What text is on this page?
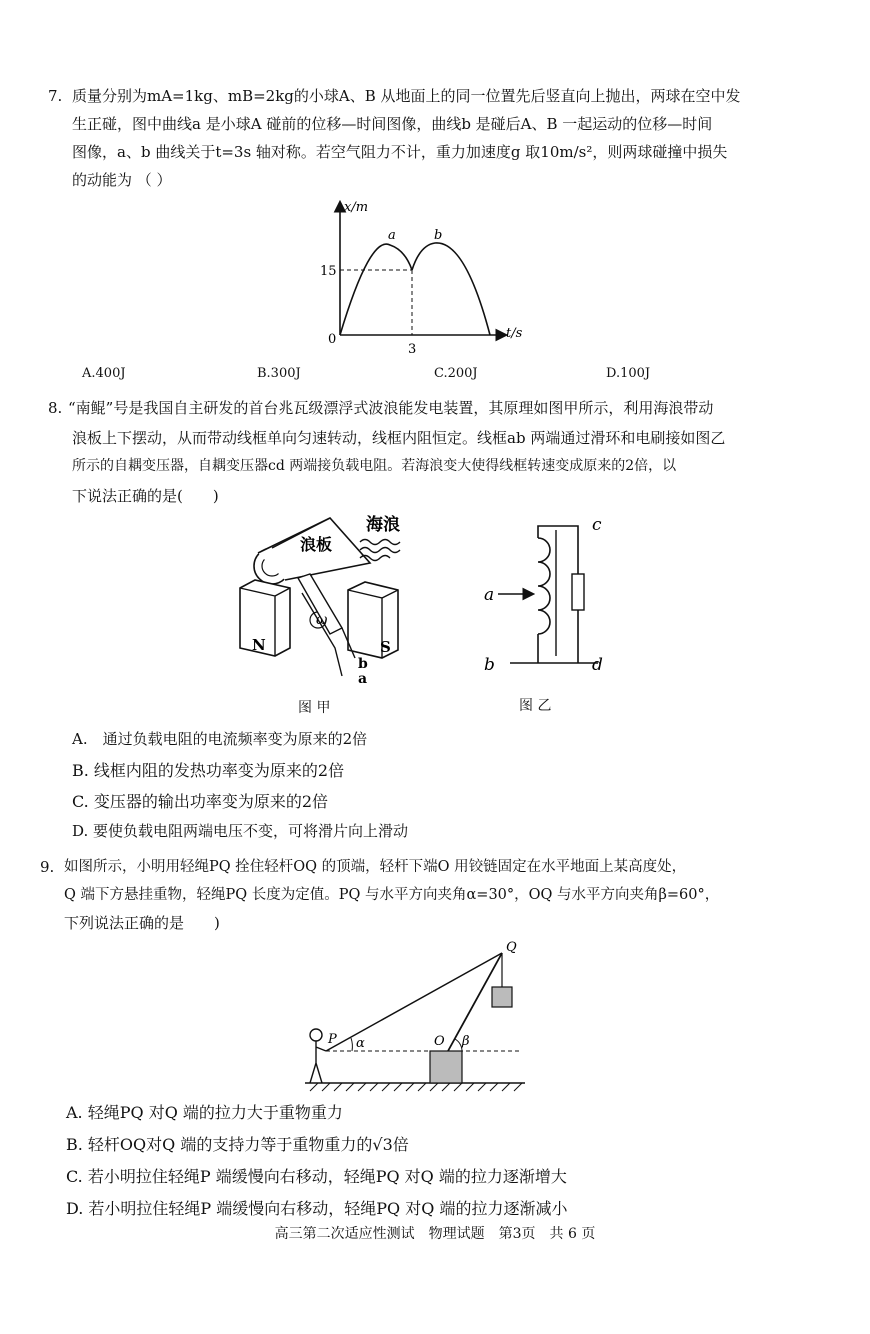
7. 质量分别为mA=1kg、mB=2kg的小球A、B 从地面上的同一位置先后竖直向上抛出，两球在空中发
生正碰，图中曲线a 是小球A 碰前的位移—时间图像，曲线b 是碰后A、B 一起运动的位移—时间
图像，a、b 曲线关于t=3s 轴对称。若空气阻力不计，重力加速度g 取10m/s²，则两球碰撞中损失
的动能为 （ ）
x/m
t/s
15
3
0
a	b
A.400J	B.300J	C.200J	D.100J
8. “南鲲”号是我国自主研发的首台兆瓦级漂浮式波浪能发电装置，其原理如图甲所示，利用海浪带动
浪板上下摆动，从而带动线框单向匀速转动，线框内阻恒定。线框ab 两端通过滑环和电刷接如图乙
所示的自耦变压器，自耦变压器cd 两端接负载电阻。若海浪变大使得线框转速变成原来的2倍，以
下说法正确的是(　　)
浪板
海浪
N	S
ω
b
a
图 甲
c
a
b	d
图 乙
A.　通过负载电阻的电流频率变为原来的2倍
B. 线框内阻的发热功率变为原来的2倍
C. 变压器的输出功率变为原来的2倍
D. 要使负载电阻两端电压不变，可将滑片向上滑动
9. 如图所示，小明用轻绳PQ 拴住轻杆OQ 的顶端，轻杆下端O 用铰链固定在水平地面上某高度处，
Q 端下方悬挂重物，轻绳PQ 长度为定值。PQ 与水平方向夹角α=30°，OQ 与水平方向夹角β=60°，
下列说法正确的是　　)
Q
P	O
α	β
A. 轻绳PQ 对Q 端的拉力大于重物重力
B. 轻杆OQ对Q 端的支持力等于重物重力的√3倍
C. 若小明拉住轻绳P 端缓慢向右移动，轻绳PQ 对Q 端的拉力逐渐增大
D. 若小明拉住轻绳P 端缓慢向右移动，轻绳PQ 对Q 端的拉力逐渐减小
高三第二次适应性测试　物理试题　第3页　共 6 页
